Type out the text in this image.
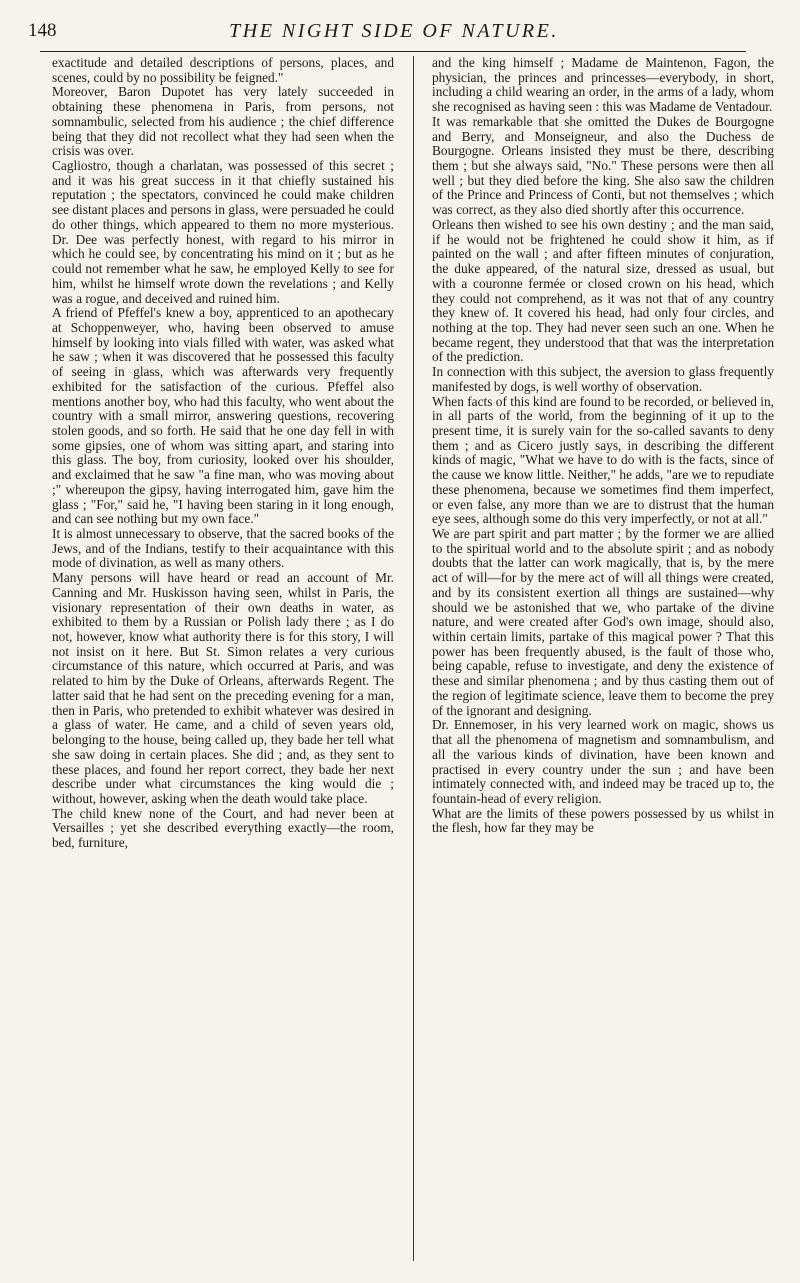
148	THE NIGHT SIDE OF NATURE.

exactitude and detailed descriptions of persons, places, and scenes, could by no possibility be feigned."

Moreover, Baron Dupotet has very lately succeeded in obtaining these phenomena in Paris, from persons, not somnambulic, selected from his audience ; the chief difference being that they did not recollect what they had seen when the crisis was over.

Cagliostro, though a charlatan, was possessed of this secret ; and it was his great success in it that chiefly sustained his reputation ; the spectators, convinced he could make children see distant places and persons in glass, were persuaded he could do other things, which appeared to them no more mysterious. Dr. Dee was perfectly honest, with regard to his mirror in which he could see, by concentrating his mind on it ; but as he could not remember what he saw, he employed Kelly to see for him, whilst he himself wrote down the revelations ; and Kelly was a rogue, and deceived and ruined him.

A friend of Pfeffel's knew a boy, apprenticed to an apothecary at Schoppenweyer, who, having been observed to amuse himself by looking into vials filled with water, was asked what he saw ; when it was discovered that he possessed this faculty of seeing in glass, which was afterwards very frequently exhibited for the satisfaction of the curious. Pfeffel also mentions another boy, who had this faculty, who went about the country with a small mirror, answering questions, recovering stolen goods, and so forth. He said that he one day fell in with some gipsies, one of whom was sitting apart, and staring into this glass. The boy, from curiosity, looked over his shoulder, and exclaimed that he saw "a fine man, who was moving about ;" whereupon the gipsy, having interrogated him, gave him the glass ; "For," said he, "I having been staring in it long enough, and can see nothing but my own face."

It is almost unnecessary to observe, that the sacred books of the Jews, and of the Indians, testify to their acquaintance with this mode of divination, as well as many others.

Many persons will have heard or read an account of Mr. Canning and Mr. Huskisson having seen, whilst in Paris, the visionary representation of their own deaths in water, as exhibited to them by a Russian or Polish lady there ; as I do not, however, know what authority there is for this story, I will not insist on it here. But St. Simon relates a very curious circumstance of this nature, which occurred at Paris, and was related to him by the Duke of Orleans, afterwards Regent. The latter said that he had sent on the preceding evening for a man, then in Paris, who pretended to exhibit whatever was desired in a glass of water. He came, and a child of seven years old, belonging to the house, being called up, they bade her tell what she saw doing in certain places. She did ; and, as they sent to these places, and found her report correct, they bade her next describe under what circumstances the king would die ; without, however, asking when the death would take place.

The child knew none of the Court, and had never been at Versailles ; yet she described everything exactly—the room, bed, furniture,

and the king himself ; Madame de Maintenon, Fagon, the physician, the princes and princesses—everybody, in short, including a child wearing an order, in the arms of a lady, whom she recognised as having seen : this was Madame de Ventadour.

It was remarkable that she omitted the Dukes de Bourgogne and Berry, and Monseigneur, and also the Duchess de Bourgogne. Orleans insisted they must be there, describing them ; but she always said, "No." These persons were then all well ; but they died before the king. She also saw the children of the Prince and Princess of Conti, but not themselves ; which was correct, as they also died shortly after this occurrence.

Orleans then wished to see his own destiny ; and the man said, if he would not be frightened he could show it him, as if painted on the wall ; and after fifteen minutes of conjuration, the duke appeared, of the natural size, dressed as usual, but with a couronne fermée or closed crown on his head, which they could not comprehend, as it was not that of any country they knew of. It covered his head, had only four circles, and nothing at the top. They had never seen such an one. When he became regent, they understood that that was the interpretation of the prediction.

In connection with this subject, the aversion to glass frequently manifested by dogs, is well worthy of observation.

When facts of this kind are found to be recorded, or believed in, in all parts of the world, from the beginning of it up to the present time, it is surely vain for the so-called savants to deny them ; and as Cicero justly says, in describing the different kinds of magic, "What we have to do with is the facts, since of the cause we know little. Neither," he adds, "are we to repudiate these phenomena, because we sometimes find them imperfect, or even false, any more than we are to distrust that the human eye sees, although some do this very imperfectly, or not at all."

We are part spirit and part matter ; by the former we are allied to the spiritual world and to the absolute spirit ; and as nobody doubts that the latter can work magically, that is, by the mere act of will—for by the mere act of will all things were created, and by its consistent exertion all things are sustained—why should we be astonished that we, who partake of the divine nature, and were created after God's own image, should also, within certain limits, partake of this magical power ? That this power has been frequently abused, is the fault of those who, being capable, refuse to investigate, and deny the existence of these and similar phenomena ; and by thus casting them out of the region of legitimate science, leave them to become the prey of the ignorant and designing.

Dr. Ennemoser, in his very learned work on magic, shows us that all the phenomena of magnetism and somnambulism, and all the various kinds of divination, have been known and practised in every country under the sun ; and have been intimately connected with, and indeed may be traced up to, the fountain-head of every religion.

What are the limits of these powers possessed by us whilst in the flesh, how far they may be
